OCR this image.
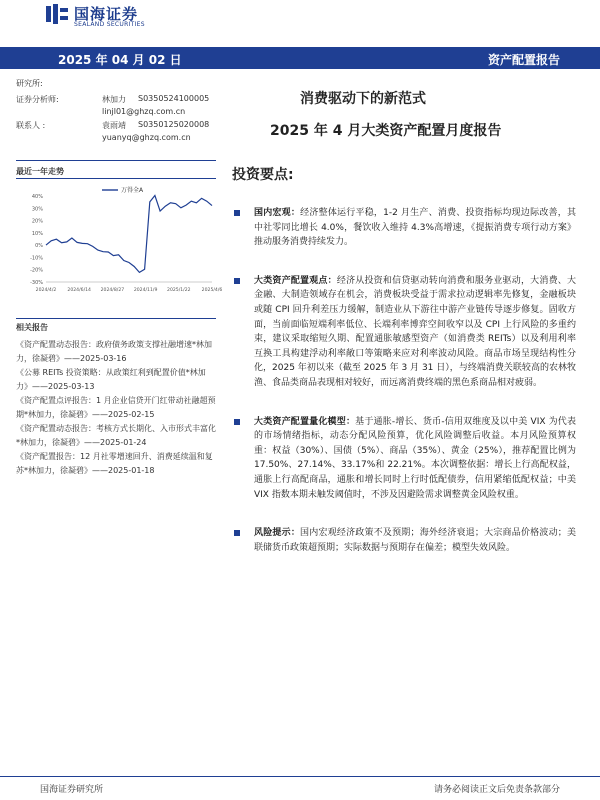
国海证券
SEALAND SECURITIES
2025 年 04 月 02 日	资产配置报告
研究所:
证券分析师:	林加力 S0350524100005
linjl01@ghzq.com.cn
联系人 :	袁雨靖 S0350125020008
yuanyq@ghzq.com.cn
消费驱动下的新范式
2025 年 4 月大类资产配置月度报告
最近一年走势
40%
30%
20%
10%
0%
-10%
-20%
-30%
2024/4/2 2024/6/14 2024/8/27 2024/11/9 2025/1/22 2025/4/6
万得全A
相关报告

《资产配置动态报告：政府债务政策支撑社融增速*林加力，徐凝碧》——2025-03-16

《公募 REITs 投资策略：从政策红利到配置价值*林加力》——2025-03-13

《资产配置点评报告：1 月企业信贷开门红带动社融超预期*林加力，徐凝碧》——2025-02-15

《资产配置动态报告：考核方式长期化、入市形式丰富化*林加力，徐凝碧》——2025-01-24

《资产配置报告：12 月社零增速回升、消费延续温和复苏*林加力，徐凝碧》——2025-01-18

投资要点:

国内宏观：经济整体运行平稳，1-2 月生产、消费、投资指标均现边际改善，其中社零同比增长 4.0%，餐饮收入维持 4.3%高增速，《提振消费专项行动方案》推动服务消费持续发力。

大类资产配置观点：经济从投资和信贷驱动转向消费和服务业驱动，大消费、大金融、大制造领域存在机会，消费板块受益于需求拉动逻辑率先修复，金融板块或随 CPI 回升利差压力缓解，制造业从下游往中游产业链传导逐步修复。固收方面，当前面临短端利率低位、长端利率博弈空间收窄以及 CPI 上行风险的多重约束，建议采取缩短久期、配置通胀敏感型资产（如消费类 REITs）以及利用利率互换工具构建浮动利率敞口等策略来应对利率波动风险。商品市场呈现结构性分化，2025 年初以来（截至 2025 年 3 月 31 日），与终端消费关联较高的农林牧渔、食品类商品表现相对较好，而远离消费终端的黑色系商品相对疲弱。

大类资产配置量化模型：基于通胀-增长、货币-信用双维度及以中美 VIX 为代表的市场情绪指标，动态分配风险预算，优化风险调整后收益。本月风险预算权重：权益（30%）、国债（5%）、商品（35%）、黄金（25%），推荐配置比例为 17.50%、27.14%、33.17%和 22.21%。本次调整依据：增长上行高配权益，通胀上行高配商品，通胀和增长同时上行时低配债券，信用紧缩低配权益；中美 VIX 指数本期未触发阈值时，不涉及因避险需求调整黄金风险权重。

风险提示：国内宏观经济政策不及预期；海外经济衰退；大宗商品价格波动；美联储货币政策超预期；实际数据与预期存在偏差；模型失效风险。

国海证券研究所	请务必阅读正文后免责条款部分
